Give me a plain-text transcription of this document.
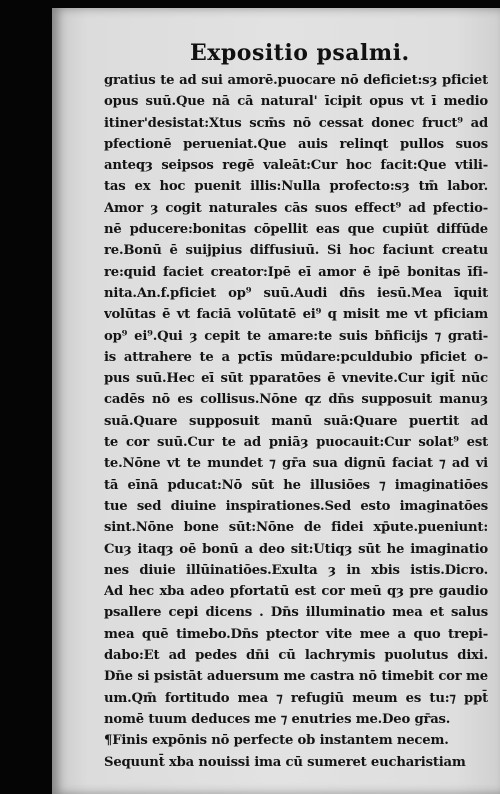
Expositio psalmi.
gratius te ad sui amorē.puocare nō deficiet:sȝ pficiet
opus suū.Que nā cā natural' īcipit opus vt ī medio
itiner'desistat:Xtus scm̄s nō cessat donec fruct⁹ ad
pfectionē perueniat.Que auis relinqt pullos suos
anteqȝ seipsos regē valeāt:Cur hoc facit:Que vtili-
tas ex hoc puenit illis:Nulla profecto:sȝ tm̄ labor.
Amor ȝ cogit naturales cās suos effect⁹ ad pfectio-
nē pducere:bonitas cōpellit eas que cupiūt diffūde
re.Bonū ē suijpius diffusiuū. Si hoc faciunt creatu
re:quid faciet creator:Ipē eī amor ē ipē bonitas īfi-
nita.An.f.pficiet op⁹ suū.Audi dn̄s iesū.Mea īquit
volūtas ē vt faciā volūtatē ei⁹ q misit me vt pficiam
op⁹ ei⁹.Qui ȝ cepit te amare:te suis bn̄ficijs ⁊ grati-
is attrahere te a pctīs mūdare:pculdubio pficiet o-
pus suū.Hec eī sūt pparatōes ē vnevite.Cur igit̄ nūc
cadēs nō es collisus.Nōne qz dn̄s supposuit manuȝ
suā.Quare supposuit manū suā:Quare puertit ad
te cor suū.Cur te ad pniāȝ puocauit:Cur solat⁹ est
te.Nōne vt te mundet ⁊ gr̄a sua dignū faciat ⁊ ad vi
tā eīnā pducat:Nō sūt he illusiōes ⁊ imaginatiōes
tue sed diuine inspirationes.Sed esto imaginatōes
sint.Nōne bone sūt:Nōne de fidei xp̄ute.pueniunt:
Cuȝ itaqȝ oē bonū a deo sit:Utiqȝ sūt he imaginatio
nes diuie illūinatiōes.Exulta ȝ in xbis istis.Dicro.
Ad hec xba adeo pfortatū est cor meū qȝ pre gaudio
psallere cepi dicens . Dn̄s illuminatio mea et salus
mea quē timebo.Dn̄s ptector vite mee a quo trepi-
dabo:Et ad pedes dn̄i cū lachrymis puolutus dixi.
Dn̄e si psistāt aduersum me castra nō timebit cor me
um.Qm̄ fortitudo mea ⁊ refugiū meum es tu:⁊ ppt̄
nomē tuum deduces me ⁊ enutries me.Deo gr̄as.
¶Finis expōnis nō perfecte ob instantem necem.
Sequunt̄ xba nouissi ima cū sumeret eucharistiam
